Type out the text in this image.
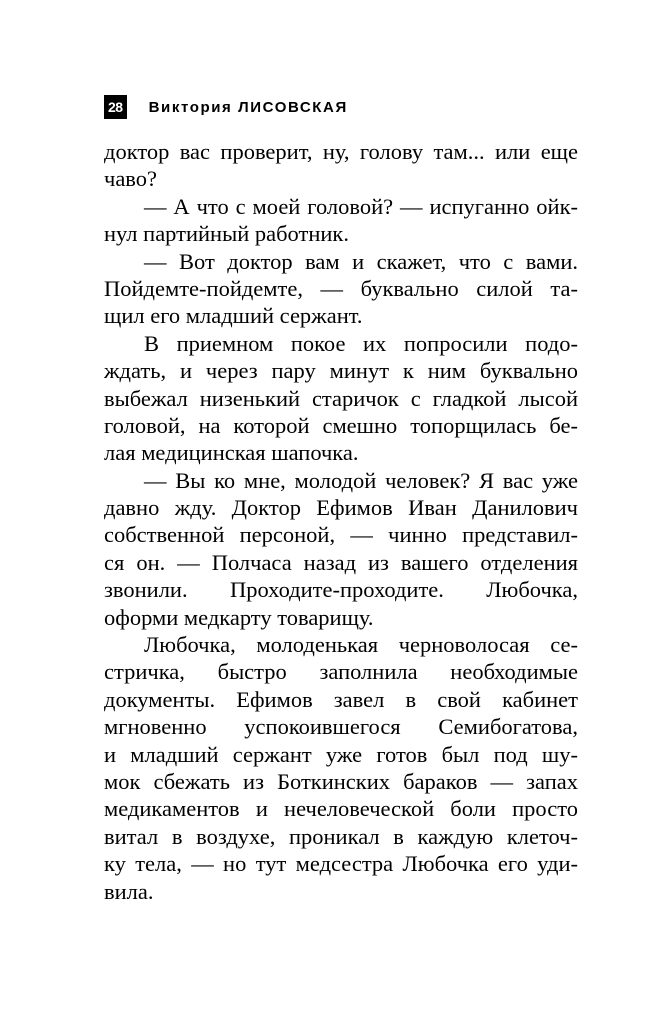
28 Виктория ЛИСОВСКАЯ
доктор вас проверит, ну, голову там... или еще
чаво?
— А что с моей головой? — испуганно ойк-
нул партийный работник.
— Вот доктор вам и скажет, что с вами.
Пойдемте-пойдемте, — буквально силой та-
щил его младший сержант.
В приемном покое их попросили подо-
ждать, и через пару минут к ним буквально
выбежал низенький старичок с гладкой лысой
головой, на которой смешно топорщилась бе-
лая медицинская шапочка.
— Вы ко мне, молодой человек? Я вас уже
давно жду. Доктор Ефимов Иван Данилович
собственной персоной, — чинно представил-
ся он. — Полчаса назад из вашего отделения
звонили. Проходите-проходите. Любочка,
оформи медкарту товарищу.
Любочка, молоденькая черноволосая се-
стричка, быстро заполнила необходимые
документы. Ефимов завел в свой кабинет
мгновенно успокоившегося Семибогатова,
и младший сержант уже готов был под шу-
мок сбежать из Боткинских бараков — запах
медикаментов и нечеловеческой боли просто
витал в воздухе, проникал в каждую клеточ-
ку тела, — но тут медсестра Любочка его уди-
вила.
